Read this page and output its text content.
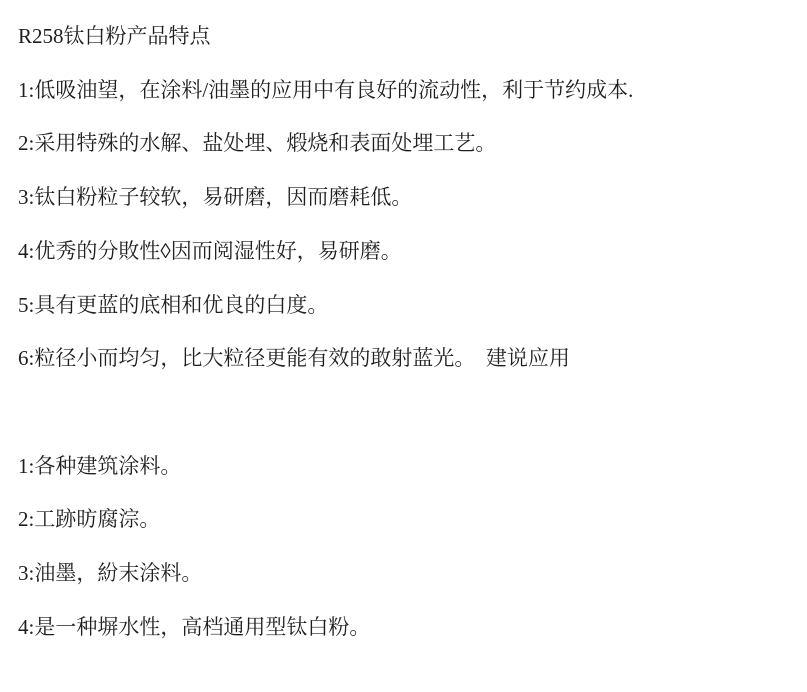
R258钛白粉产品特点

1:低吸油望，在涂料/油墨的应用中有良好的流动性，利于节约成本.

2:采用特殊的水解、盐处埋、煅烧和表面处埋工艺。

3:钛白粉粒子较软，易研磨，因而磨耗低。

4:优秀的分敗性◊因而阅湿性好，易研磨。

5:具有更蓝的底相和优良的白度。

6:粒径小而均匀，比大粒径更能有效的敢射蓝光。　建说应用

1:各种建筑涂料。

2:工跡昉腐淙。

3:油墨，紛末涂料。

4:是一种塀水性，高档通用型钛白粉。
